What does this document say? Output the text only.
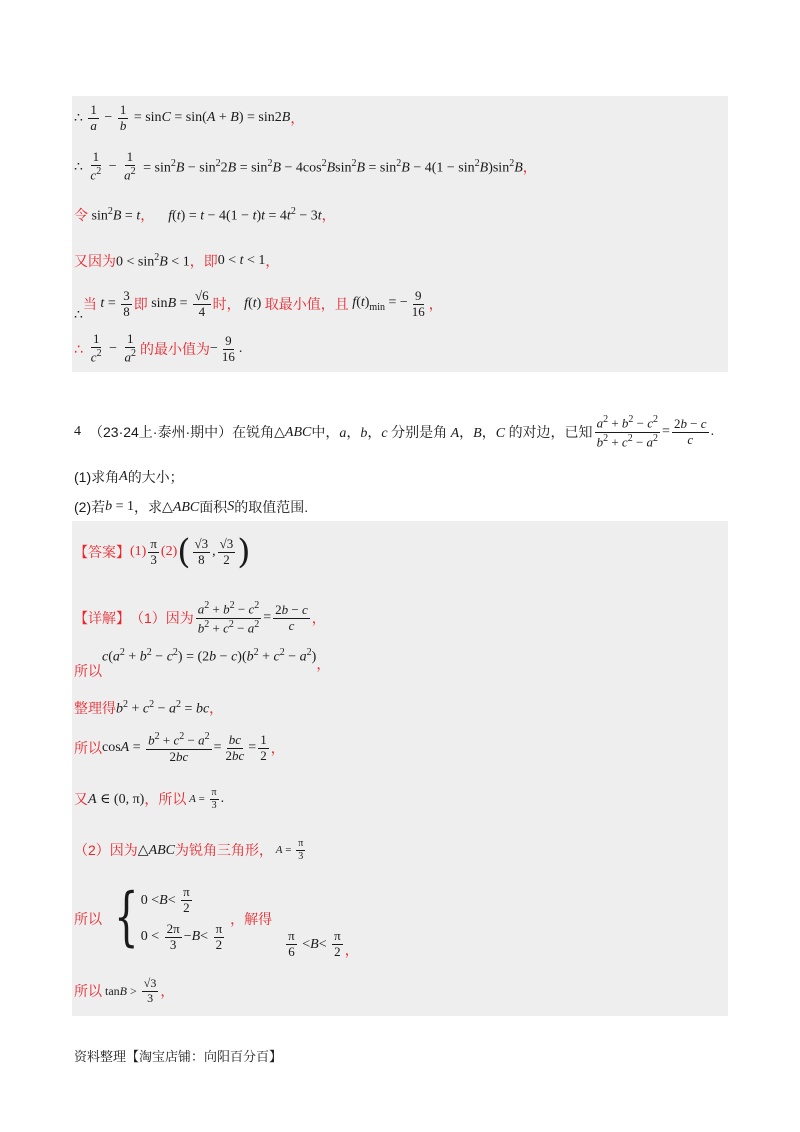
∴ $\frac{1}{a} - \frac{1}{b} = \sin C = \sin(A + B) = \sin 2B$ ，
∴ $\frac{1}{c^2} - \frac{1}{a^2} = \sin^2B - \sin^22B = \sin^2B - 4\cos^2Bsin^2B = \sin^2B - 4(1 - \sin^2B)\sin^2B$ ，
令 $\sin^2B = t$ ，	$f(t) = t - 4(1 - t)t = 4t^2 - 3t$ ，
又因为 $0 < \sin^2B < 1$ ，即 0 < t < 1 ，
∴
当 $t = \frac{3}{8}$ 即 $\sin B = \frac{√6}{4}$ 时， f(t) 取最小值，且 $f(t)_{min}$ = − $\frac{9}{16}$ ，
∴ $\frac{1}{c^2} - \frac{1}{a^2}$ 的最小值为 − $\frac{9}{16}$ .
4 （23·24上·泰州·期中） 在锐角 △ABC 中， a，b，c 分别是角 A，B，C 的对边，已知 $\frac{a^2 + b^2 - c^2}{b^2 + c^2 - a^2} = \frac{2b - c}{c}$ .
(1)求角 A 的大小；
(2)若 b = 1 ，求 △ABC 面积 S 的取值范围.
【答案】 $(1) \frac{\pi}{3} (2)$ ( $\frac{√3}{8}$ , $\frac{√3}{2}$ )
【详解】 （1）因为 $\frac{a^2 + b^2 - c^2}{b^2 + c^2 - a^2} = \frac{2b - c}{c}$ ，
所以
$c(a^2 + b^2 - c^2) = (2b - c)(b^2 + c^2 - a^2)$ ，
整理得 $b^2 + c^2 - a^2$ = bc ，
所以 $\cos A = \frac{b^2 + c^2 - a^2}{2bc} = \frac{bc}{2bc} = \frac{1}{2}$ ，
又 A ∈ (0, π) ，所以 $A = \frac{\pi}{3}$ .
（2）因为 △ABC 为锐角三角形， $A = \frac{\pi}{3}$
所以 { $0 < B < \frac{\pi}{2}$
$0 < \frac{2\pi}{3} - B < \frac{\pi}{2}$
，解得
$\frac{\pi}{6} < B < \frac{\pi}{2}$ ，
所以 $\tan B > \frac{√3}{3}$ ，
资料整理【淘宝店铺：向阳百分百】
